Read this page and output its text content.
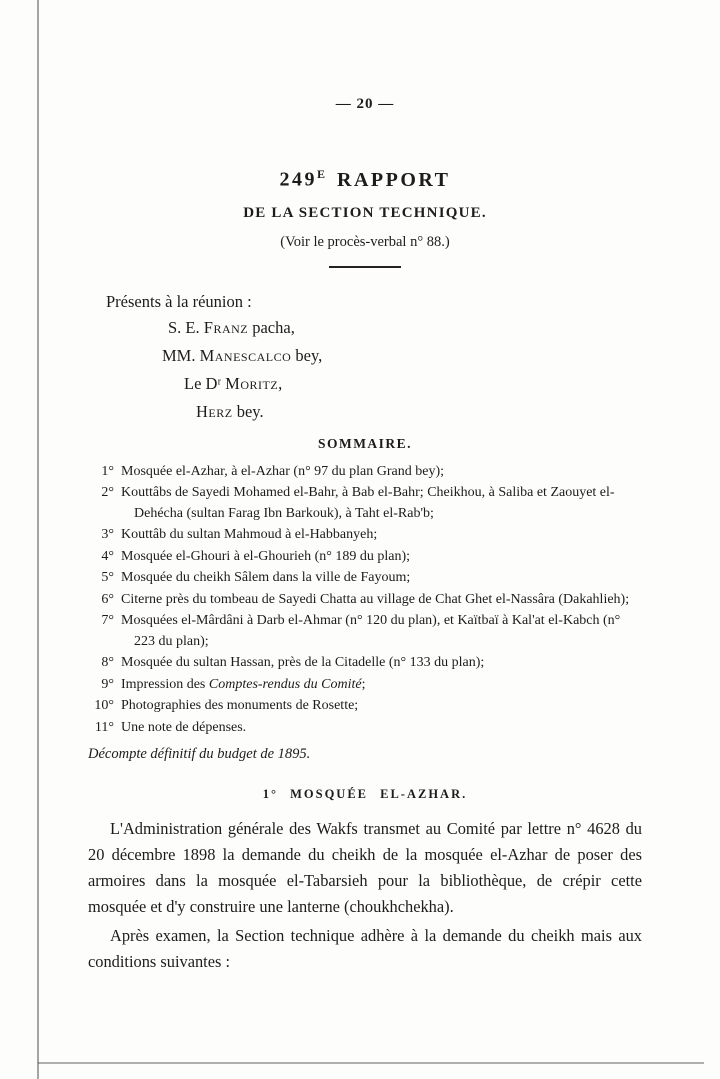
— 20 —
$249^E$ RAPPORT
DE LA SECTION TECHNIQUE.
(Voir le procès-verbal n° 88.)
Présents à la réunion :
S. E. Franz pacha,
MM. Manescalco bey,
Le Dʳ Moritz,
Herz bey.
SOMMAIRE.
1° Mosquée el-Azhar, à el-Azhar (n° 97 du plan Grand bey);
2° Kouttâbs de Sayedi Mohamed el-Bahr, à Bab el-Bahr; Cheikhou, à Saliba et Zaouyet el-Dehécha (sultan Farag Ibn Barkouk), à Taht el-Rab'b;
3° Kouttâb du sultan Mahmoud à el-Habbanyeh;
4° Mosquée el-Ghouri à el-Ghourieh (n° 189 du plan);
5° Mosquée du cheikh Sâlem dans la ville de Fayoum;
6° Citerne près du tombeau de Sayedi Chatta au village de Chat Ghet el-Nassâra (Dakahlieh);
7° Mosquées el-Mârdâni à Darb el-Ahmar (n° 120 du plan), et Kaïtbaï à Kal'at el-Kabch (n° 223 du plan);
8° Mosquée du sultan Hassan, près de la Citadelle (n° 133 du plan);
9° Impression des Comptes-rendus du Comité;
10° Photographies des monuments de Rosette;
11° Une note de dépenses.
Décompte définitif du budget de 1895.
1° MOSQUÉE EL-AZHAR.

L'Administration générale des Wakfs transmet au Comité par lettre n° 4628 du 20 décembre 1898 la demande du cheikh de la mosquée el-Azhar de poser des armoires dans la mosquée el-Tabarsieh pour la bibliothèque, de crépir cette mosquée et d'y construire une lanterne (choukhchekha).

Après examen, la Section technique adhère à la demande du cheikh mais aux conditions suivantes :
